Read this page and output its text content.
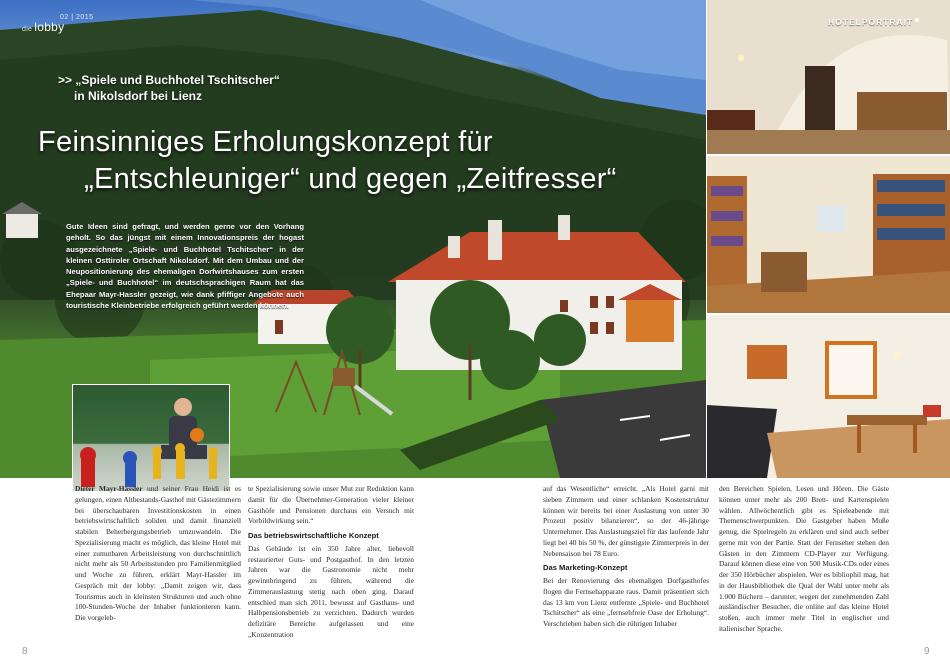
02 | 2015
die lobby
>> „Spiele und Buchhotel Tschitscher“
in Nikolsdorf bei Lienz
Feinsinniges Erholungskonzept für
„Entschleuniger“ und gegen „Zeitfresser“

Gute Ideen sind gefragt, und werden gerne vor den Vorhang geholt. So das jüngst mit einem Innovationspreis der hogast ausgezeichnete „Spiele- und Buchhotel Tschitscher“ in der kleinen Osttiroler Ortschaft Nikolsdorf. Mit dem Umbau und der Neupositionierung des ehemaligen Dorfwirtshauses zum ersten „Spiele- und Buchhotel“ im deutschsprachigen Raum hat das Ehepaar Mayr-Hassler gezeigt, wie dank pfiffiger Angebote auch touristische Kleinbetriebe erfolgreich geführt werden können.

HOTELPORTRAIT

Dieter Mayr-Hassler und seiner Frau Heidi ist es gelungen, einen Altbestands-Gasthof mit Gästezimmern bei überschaubaren Investitionskosten in einen betriebswirtschaftlich soliden und damit finanziell stabilen Beherbergungsbetrieb umzuwandeln. Die Spezialisierung macht es möglich, das kleine Hotel mit einer zumutbaren Arbeitsleistung von durchschnittlich nicht mehr als 50 Arbeitsstunden pro Familienmitglied und Woche zu führen, erklärt Mayr-Hassler im Gespräch mit der lobby: „Damit zeigen wir, dass Tourismus auch in kleinsten Strukturen und auch ohne 100-Stunden-Woche der Inhaber funktionieren kann. Die vorgeleb-

te Spezialisierung sowie unser Mut zur Reduktion kann damit für die Übernehmer-Generation vieler kleiner Gasthöfe und Pensionen durchaus ein Versuch mit Vorbildwirkung sein.“

Das betriebswirtschaftliche Konzept

Das Gebäude ist ein 350 Jahre alter, liebevoll restaurierter Guts- und Postgasthof. In den letzten Jahren war die Gastronomie nicht mehr gewinnbringend zu führen, während die Zimmerauslastung stetig nach oben ging. Darauf entschied man sich 2011, bewusst auf Gasthaus- und Halbpensionsbetrieb zu verzichten. Dadurch wurden defizitäre Bereiche aufgelassen und eine „Konzentration

auf das Wesentliche“ erreicht. „Als Hotel garni mit sieben Zimmern und einer schlanken Kostenstruktur können wir bereits bei einer Auslastung von unter 30 Prozent positiv bilanzieren“, so der 46-jährige Unternehmer. Das Auslastungsziel für das laufende Jahr liegt bei 40 bis 50 %, der günstigste Zimmerpreis in der Nebensaison bei 78 Euro.

Das Marketing-Konzept

Bei der Renovierung des ehemaligen Dorfgasthofes flogen die Fernsehapparate raus. Damit präsentiert sich das 13 km von Lienz entfernte „Spiele- und Buchhotel Tschitscher“ als eine „fernsehfreie Oase der Erholung“. Verschrieben haben sich die rührigen Inhaber

den Bereichen Spielen, Lesen und Hören. Die Gäste können unter mehr als 200 Brett- und Kartenspielen wählen. Allwöchentlich gibt es Spieleabende mit Themenschwerpunkten. Die Gastgeber haben Muße genug, die Spielregeln zu erklären und sind auch selber gerne mit von der Partie. Statt der Fernseher stehen den Gästen in den Zimmern CD-Player zur Verfügung. Darauf können diese eine von 500 Musik-CDs oder eines der 350 Hörbücher abspielen. Wer es bibliophil mag, hat in der Hausbibliothek die Qual der Wahl unter mehr als 1.000 Büchern – darunter, wegen der zunehmenden Zahl ausländischer Besucher, die online auf das kleine Hotel stoßen, auch immer mehr Titel in englischer und italienischer Sprache.

8	9
